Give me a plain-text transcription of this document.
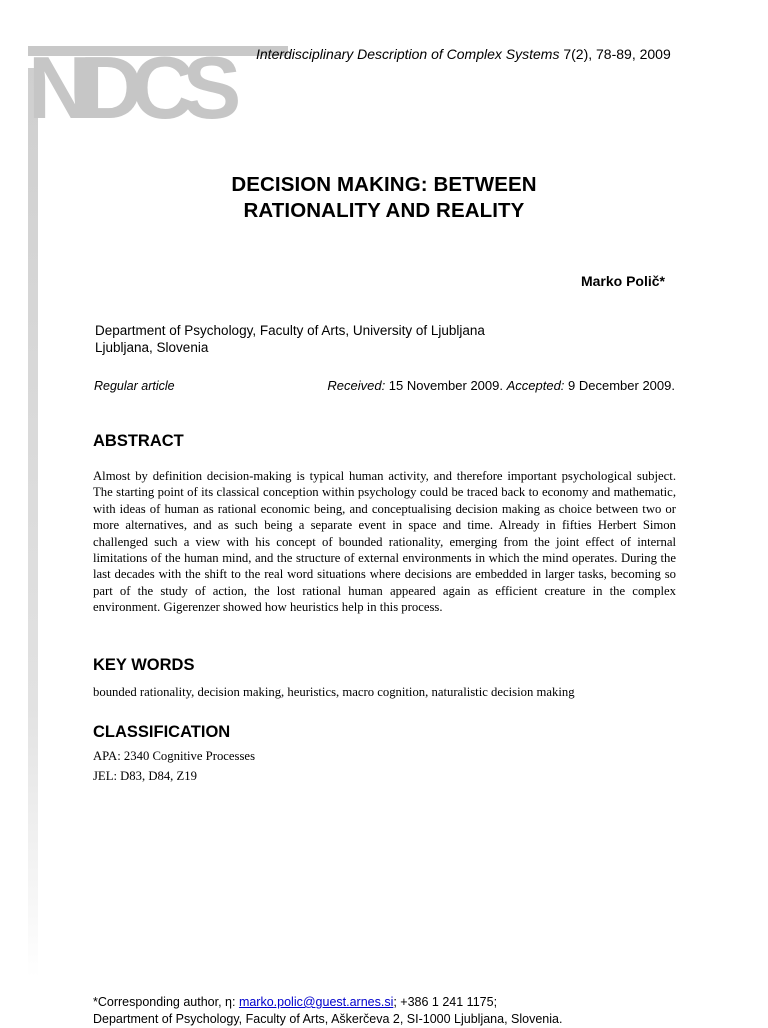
NDCS	Interdisciplinary Description of Complex Systems 7(2), 78-89, 2009
DECISION MAKING: BETWEEN
RATIONALITY AND REALITY
Marko Polič*
Department of Psychology, Faculty of Arts, University of Ljubljana
Ljubljana, Slovenia
Regular article	Received: 15 November 2009. Accepted: 9 December 2009.
ABSTRACT
Almost by definition decision-making is typical human activity, and therefore important psychological subject. The starting point of its classical conception within psychology could be traced back to economy and mathematic, with ideas of human as rational economic being, and conceptualising decision making as choice between two or more alternatives, and as such being a separate event in space and time. Already in fifties Herbert Simon challenged such a view with his concept of bounded rationality, emerging from the joint effect of internal limitations of the human mind, and the structure of external environments in which the mind operates. During the last decades with the shift to the real word situations where decisions are embedded in larger tasks, becoming so part of the study of action, the lost rational human appeared again as efficient creature in the complex environment. Gigerenzer showed how heuristics help in this process.
KEY WORDS
bounded rationality, decision making, heuristics, macro cognition, naturalistic decision making
CLASSIFICATION
APA: 2340 Cognitive Processes
JEL: D83, D84, Z19
*Corresponding author, η: marko.polic@guest.arnes.si; +386 1 241 1175;
Department of Psychology, Faculty of Arts, Aškerčeva 2, SI-1000 Ljubljana, Slovenia.
